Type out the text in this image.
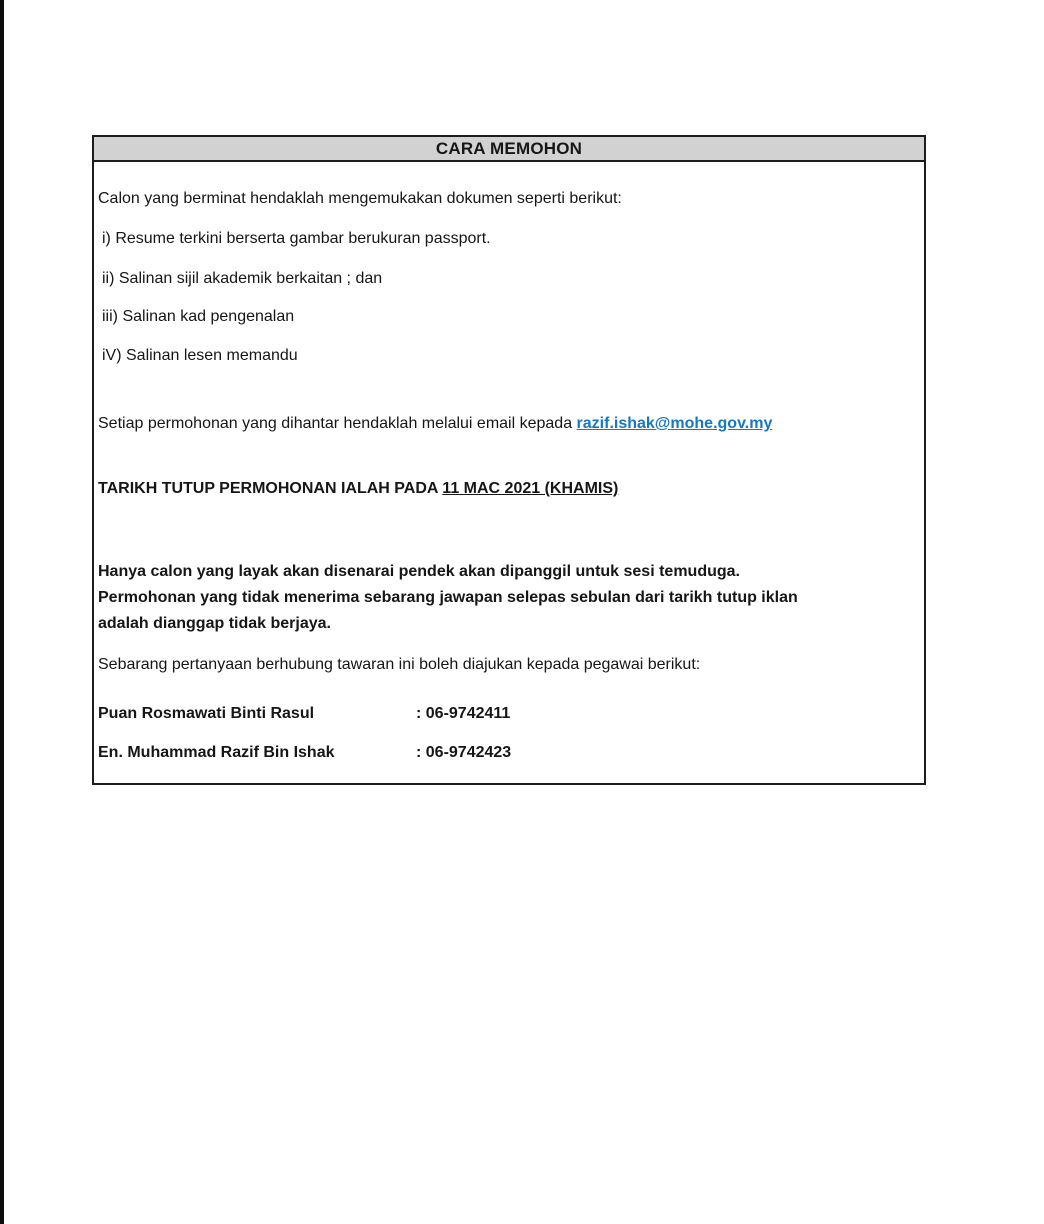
CARA MEMOHON

Calon yang berminat hendaklah mengemukakan dokumen seperti berikut:

i) Resume terkini berserta gambar berukuran passport.

ii) Salinan sijil akademik berkaitan ; dan

iii) Salinan kad pengenalan

iV) Salinan lesen memandu

Setiap permohonan yang dihantar hendaklah melalui email kepada razif.ishak@mohe.gov.my

TARIKH TUTUP PERMOHONAN IALAH PADA 11 MAC 2021 (KHAMIS)

Hanya calon yang layak akan disenarai pendek akan dipanggil untuk sesi temuduga.
Permohonan yang tidak menerima sebarang jawapan selepas sebulan dari tarikh tutup iklan
adalah dianggap tidak berjaya.

Sebarang pertanyaan berhubung tawaran ini boleh diajukan kepada pegawai berikut:

Puan Rosmawati Binti Rasul	: 06-9742411
En. Muhammad Razif Bin Ishak	: 06-9742423
